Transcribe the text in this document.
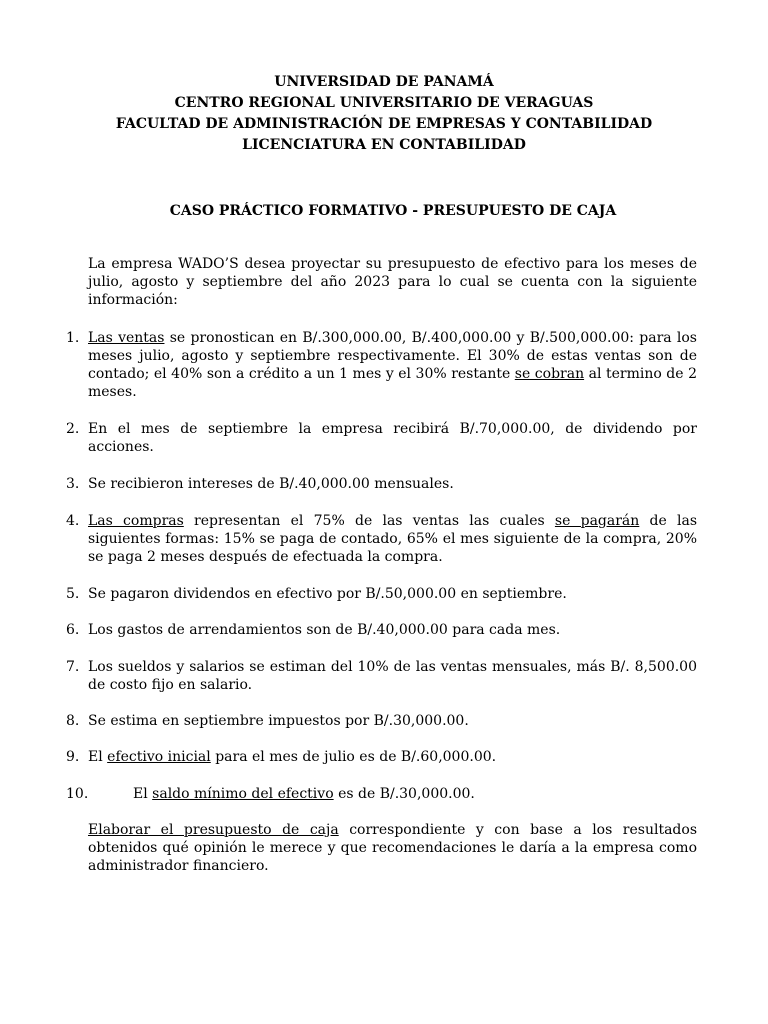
UNIVERSIDAD DE PANAMÁ
CENTRO REGIONAL UNIVERSITARIO DE VERAGUAS
FACULTAD DE ADMINISTRACIÓN DE EMPRESAS Y CONTABILIDAD
LICENCIATURA EN CONTABILIDAD
CASO PRÁCTICO FORMATIVO - PRESUPUESTO DE CAJA
La empresa WADO’S desea proyectar su presupuesto de efectivo para los meses de julio, agosto y septiembre del año 2023 para lo cual se cuenta con la siguiente información:
1. Las ventas se pronostican en B/.300,000.00, B/.400,000.00 y B/.500,000.00: para los meses julio, agosto y septiembre respectivamente. El 30% de estas ventas son de contado; el 40% son a crédito a un 1 mes y el 30% restante se cobran al termino de 2 meses.
2. En el mes de septiembre la empresa recibirá B/.70,000.00, de dividendo por acciones.
3. Se recibieron intereses de B/.40,000.00 mensuales.
4. Las compras representan el 75% de las ventas las cuales se pagarán de las siguientes formas: 15% se paga de contado, 65% el mes siguiente de la compra, 20% se paga 2 meses después de efectuada la compra.
5. Se pagaron dividendos en efectivo por B/.50,000.00 en septiembre.
6. Los gastos de arrendamientos son de B/.40,000.00 para cada mes.
7. Los sueldos y salarios se estiman del 10% de las ventas mensuales, más B/. 8,500.00 de costo fijo en salario.
8. Se estima en septiembre impuestos por B/.30,000.00.
9. El efectivo inicial para el mes de julio es de B/.60,000.00.
10.	El saldo mínimo del efectivo es de B/.30,000.00.
Elaborar el presupuesto de caja correspondiente y con base a los resultados obtenidos qué opinión le merece y que recomendaciones le daría a la empresa como administrador financiero.
